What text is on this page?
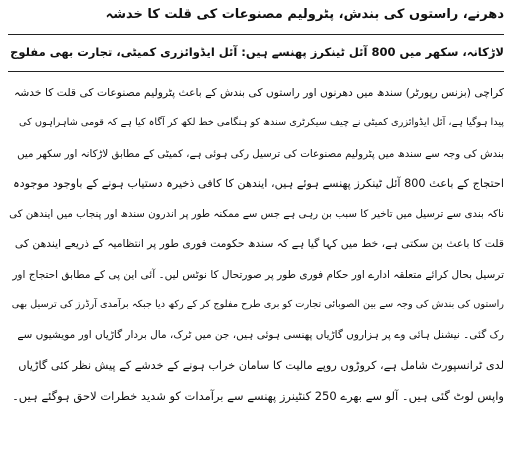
دھرنے، راستوں کی بندش، پٹرولیم مصنوعات کی قلت کا خدشہ
لاڑکانہ، سکھر میں 800 آئل ٹینکرز پھنسے ہیں: آئل ایڈوائزری کمیٹی، تجارت بھی مفلوج
کراچی (بزنس رپورٹر) سندھ میں دھرنوں اور راستوں کی بندش کے باعث پٹرولیم مصنوعات کی قلت کا خدشہ
پیدا ہوگیا ہے، آئل ایڈوائزری کمیٹی نے چیف سیکرٹری سندھ کو ہنگامی خط لکھ کر آگاہ کیا ہے کہ قومی شاہراہوں کی
بندش کی وجہ سے سندھ میں پٹرولیم مصنوعات کی ترسیل رکی ہوئی ہے، کمیٹی کے مطابق لاڑکانہ اور سکھر میں
احتجاج کے باعث 800 آئل ٹینکرز پھنسے ہوئے ہیں، ایندھن کا کافی ذخیرہ دستیاب ہونے کے باوجود موجودہ
ناکہ بندی سے ترسیل میں تاخیر کا سبب بن رہی ہے جس سے ممکنہ طور پر اندرون سندھ اور پنجاب میں ایندھن کی
قلت کا باعث بن سکتی ہے، خط میں کہا گیا ہے کہ سندھ حکومت فوری طور پر انتظامیہ کے ذریعے ایندھن کی
ترسیل بحال کرائے متعلقہ ادارے اور حکام فوری طور پر صورتحال کا نوٹس لیں۔ آئی این پی کے مطابق احتجاج اور
راستوں کی بندش کی وجہ سے بین الصوبائی تجارت کو بری طرح مفلوج کر کے رکھ دیا جبکہ برآمدی آرڈرز کی ترسیل بھی
رک گئی۔ نیشنل ہائی وے پر ہزاروں گاڑیاں پھنسی ہوئی ہیں، جن میں ٹرک، مال بردار گاڑیاں اور مویشیوں سے
لدی ٹرانسپورٹ شامل ہے، کروڑوں روپے مالیت کا سامان خراب ہونے کے خدشے کے پیش نظر کئی گاڑیاں
واپس لوٹ گئی ہیں۔ آلو سے بھرے 250 کنٹینرز پھنسے سے برآمدات کو شدید خطرات لاحق ہوگئے ہیں۔
